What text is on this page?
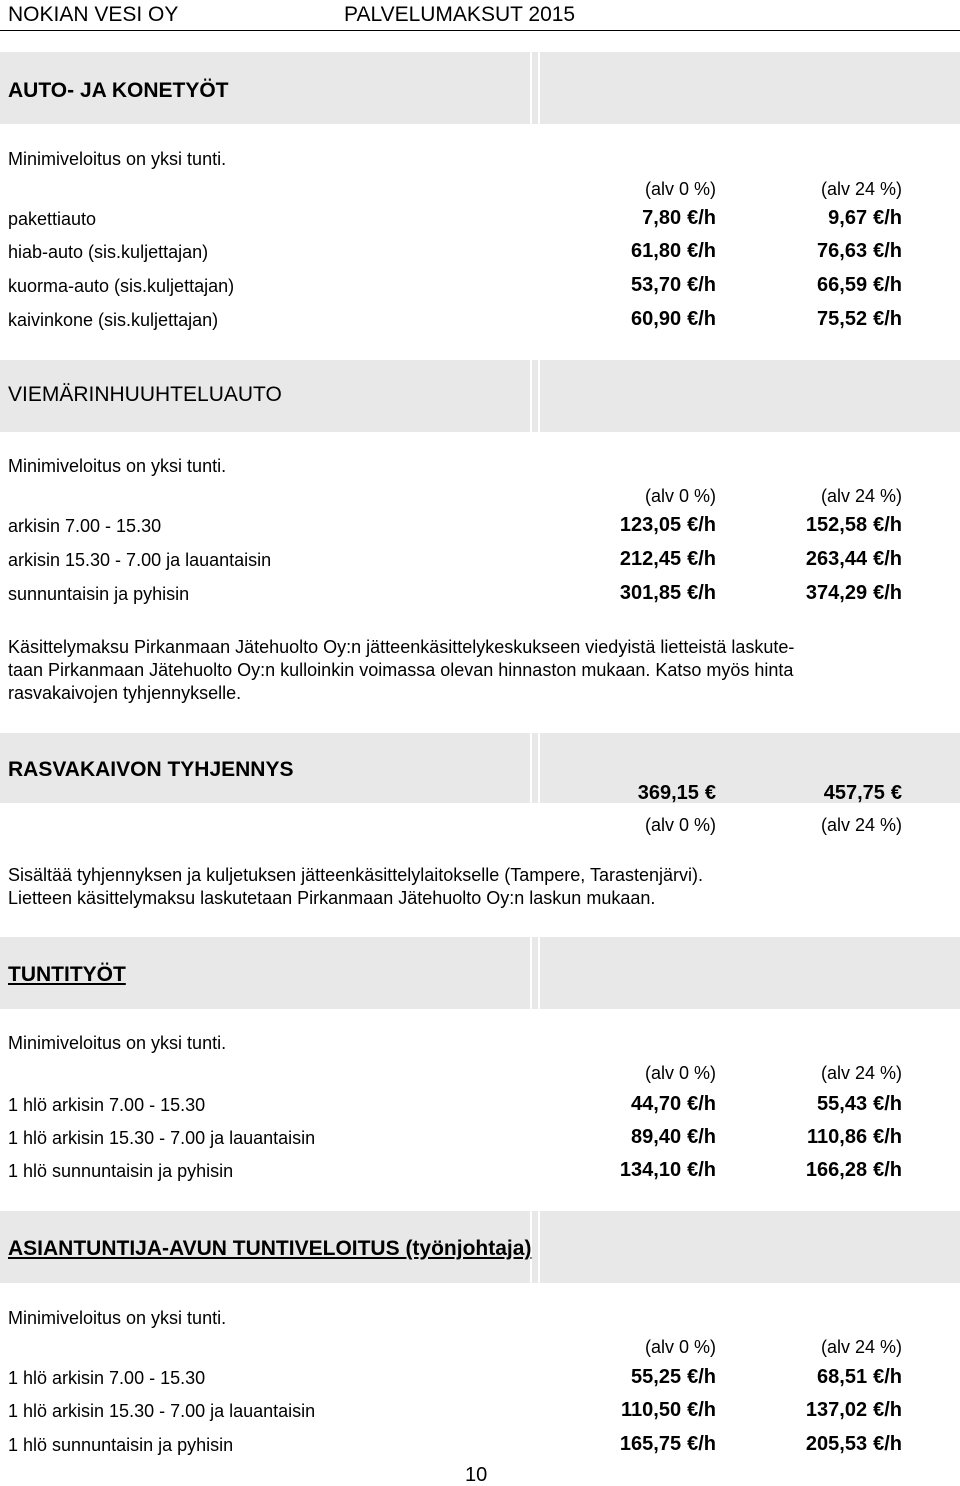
NOKIAN VESI OY	PALVELUMAKSUT 2015
AUTO- JA KONETYÖT
Minimiveloitus on yksi tunti.
(alv 0 %)	(alv 24 %)
pakettiauto	7,80 €/h	9,67 €/h
hiab-auto (sis.kuljettajan)	61,80 €/h	76,63 €/h
kuorma-auto (sis.kuljettajan)	53,70 €/h	66,59 €/h
kaivinkone (sis.kuljettajan)	60,90 €/h	75,52 €/h
VIEMÄRINHUUHTELUAUTO
Minimiveloitus on yksi tunti.
(alv 0 %)	(alv 24 %)
arkisin 7.00 - 15.30	123,05 €/h	152,58 €/h
arkisin 15.30 - 7.00 ja lauantaisin	212,45 €/h	263,44 €/h
sunnuntaisin ja pyhisin	301,85 €/h	374,29 €/h

Käsittelymaksu Pirkanmaan Jätehuolto Oy:n jätteenkäsittelykeskukseen viedyistä lietteistä laskute-

taan Pirkanmaan Jätehuolto Oy:n kulloinkin voimassa olevan hinnaston mukaan. Katso myös hinta

rasvakaivojen tyhjennykselle.

RASVAKAIVON TYHJENNYS
369,15 €	457,75 €
(alv 0 %)	(alv 24 %)

Sisältää tyhjennyksen ja kuljetuksen jätteenkäsittelylaitokselle (Tampere, Tarastenjärvi).

Lietteen käsittelymaksu laskutetaan Pirkanmaan Jätehuolto Oy:n laskun mukaan.

TUNTITYÖT
Minimiveloitus on yksi tunti.
(alv 0 %)	(alv 24 %)
1 hlö arkisin 7.00 - 15.30	44,70 €/h	55,43 €/h
1 hlö arkisin 15.30 - 7.00 ja lauantaisin	89,40 €/h	110,86 €/h
1 hlö sunnuntaisin ja pyhisin	134,10 €/h	166,28 €/h
ASIANTUNTIJA-AVUN TUNTIVELOITUS (työnjohtaja)
Minimiveloitus on yksi tunti.
(alv 0 %)	(alv 24 %)
1 hlö arkisin 7.00 - 15.30	55,25 €/h	68,51 €/h
1 hlö arkisin 15.30 - 7.00 ja lauantaisin	110,50 €/h	137,02 €/h
1 hlö sunnuntaisin ja pyhisin	165,75 €/h	205,53 €/h
10
